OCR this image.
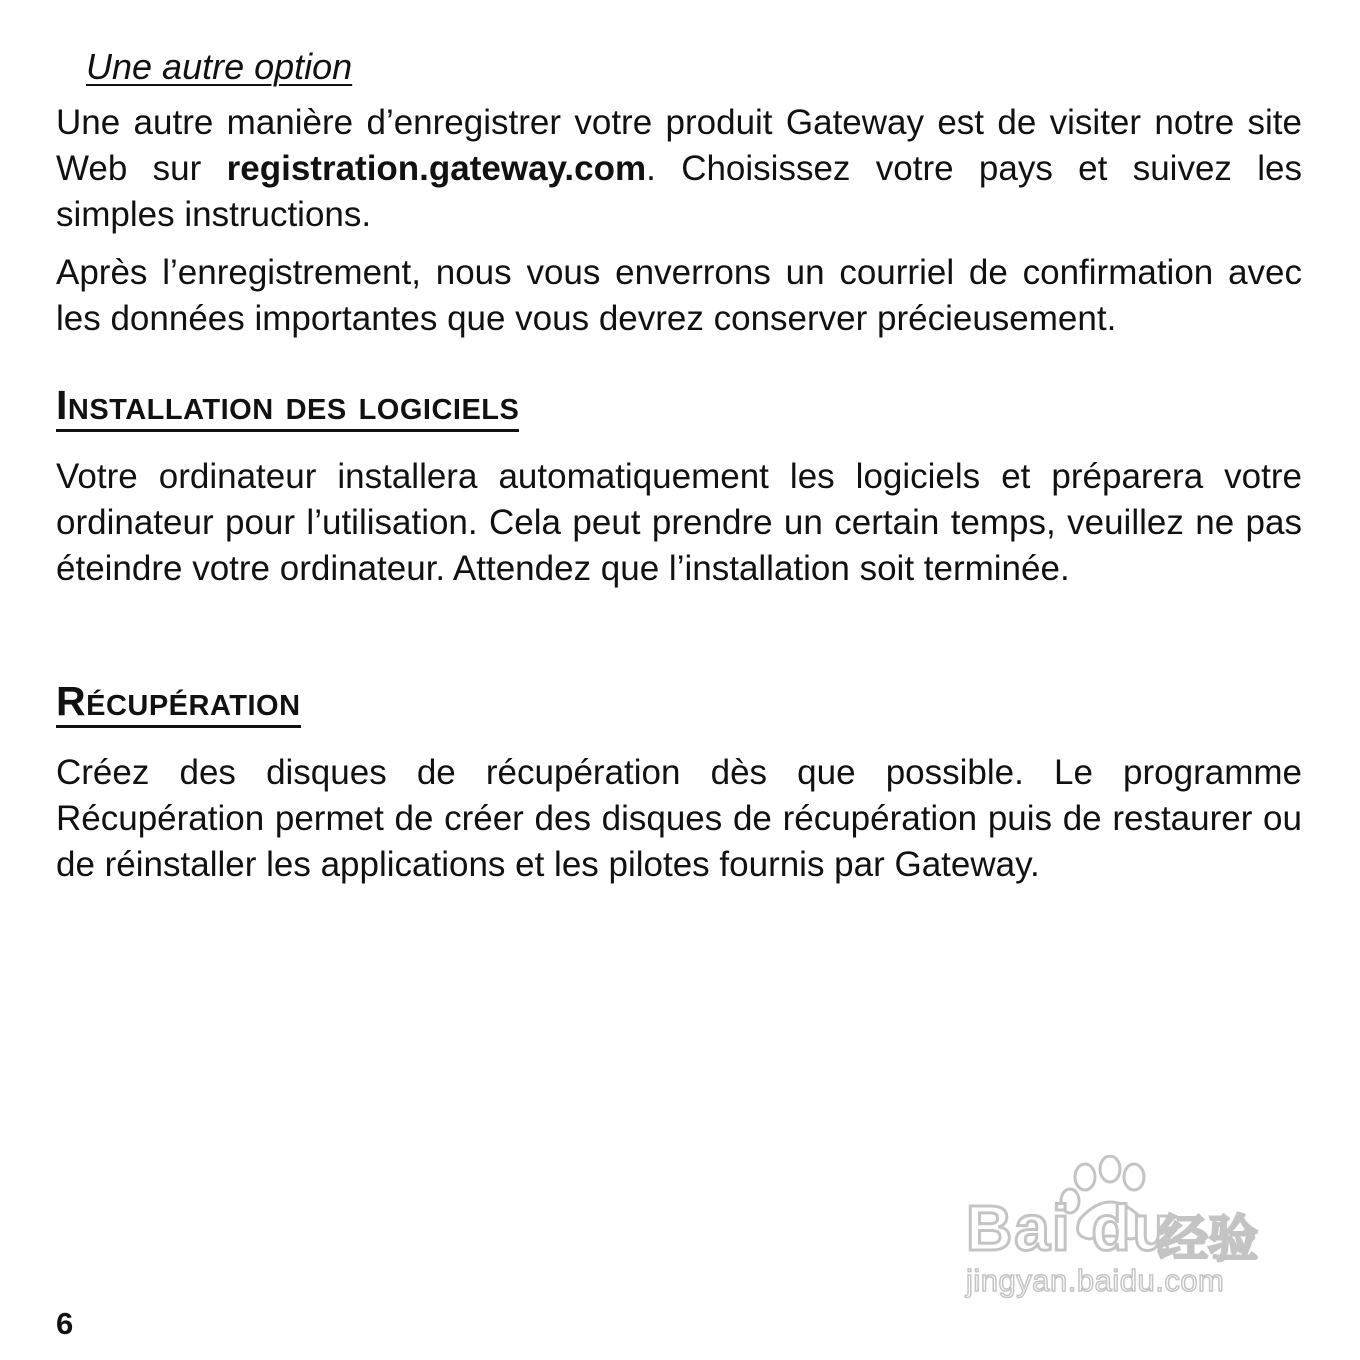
Une autre option

Une autre manière d’enregistrer votre produit Gateway est de visiter notre site Web sur registration.gateway.com. Choisissez votre pays et suivez les simples instructions.

Après l’enregistrement, nous vous enverrons un courriel de confirmation avec les données importantes que vous devrez conserver précieusement.

Installation des logiciels

Votre ordinateur installera automatiquement les logiciels et préparera votre ordinateur pour l’utilisation. Cela peut prendre un certain temps, veuillez ne pas éteindre votre ordinateur. Attendez que l’installation soit terminée.

Récupération

Créez des disques de récupération dès que possible. Le programme Récupération permet de créer des disques de récupération puis de restaurer ou de réinstaller les applications et les pilotes fournis par Gateway.

6

Bai du

经验

jingyan.baidu.com
